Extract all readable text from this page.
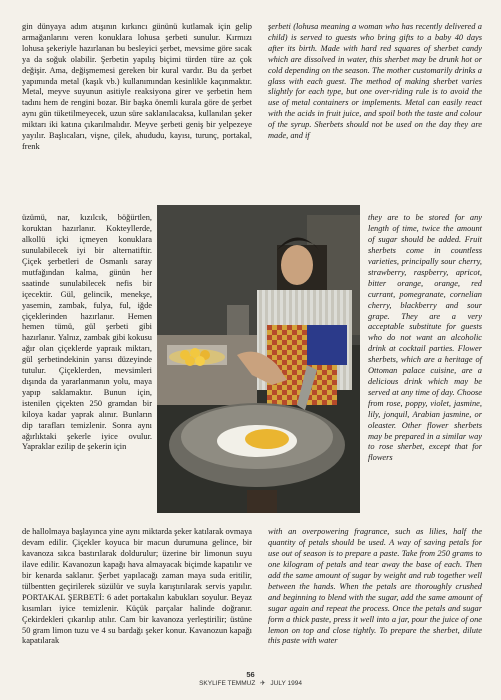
gin dünyaya adım atışının kırkıncı gününü kutlamak için gelip armağanlarını veren konuklara lohusa şerbeti sunulur. Kırmızı lohusa şekeriyle hazırlanan bu besleyici şerbet, mevsime göre sıcak ya da soğuk olabilir. Şerbetin yapılış biçimi türden türe az çok değişir. Ama, değişmemesi gereken bir kural vardır. Bu da şerbet yapımında metal (kaşık vb.) kullanımından kesinlikle kaçınmaktır. Metal, meyve suyunun asitiyle reaksiyona girer ve şerbetin hem tadını hem de rengini bozar. Bir başka önemli kurala göre de şerbet aynı gün tüketilmeyecek, uzun süre saklanılacaksa, kullanılan şeker miktarı iki katına çıkarılmalıdır. Meyve şerbeti geniş bir yelpezeye yayılır. Başlıcaları, vişne, çilek, ahududu, kayısı, turunç, portakal, frenk

şerbeti (lohusa meaning a woman who has recently delivered a child) is served to guests who bring gifts to a baby 40 days after its birth. Made with hard red squares of sherbet candy which are dissolved in water, this sherbet may be drunk hot or cold depending on the season. The mother customarily drinks a glass with each guest. The method of making sherbet varies slightly for each type, but one over-riding rule is to avoid the use of metal containers or implements. Metal can easily react with the acids in fruit juice, and spoil both the taste and colour of the syrup. Sherbets should not be used on the day they are made, and if

üzümü, nar, kızılcık, böğürtlen, koruktan hazırlanır. Kokteyllerde, alkollü içki içmeyen konuklara sunulabilecek iyi bir alternatiftir. Çiçek şerbetleri de Osmanlı saray mutfağından kalma, günün her saatinde sunulabilecek nefis bir içecektir. Gül, gelincik, menekşe, yasemin, zambak, fulya, ful, iğde çiçeklerinden hazırlanır. Hemen hemen tümü, gül şerbeti gibi hazırlanır. Yalnız, zambak gibi kokusu ağır olan çiçeklerde yapraık miktarı, gül şerbetindekinin yarısı düzeyinde tutulur. Çiçeklerden, mevsimleri dışında da yararlanmanın yolu, maya yapıp saklamaktır. Bunun için, istenilen çiçekten 250 gramdan bir kiloya kadar yaprak alınır. Bunların dip tarafları temizlenir. Sonra aynı ağırlıktaki şekerle iyice ovulur. Yapraklar ezilip de şekerin için

they are to be stored for any length of time, twice the amount of sugar should be added. Fruit sherbets come in countless varieties, principally sour cherry, strawberry, raspberry, apricot, bitter orange, orange, red currant, pomegranate, cornelian cherry, blackberry and sour grape. They are a very acceptable substitute for guests who do not want an alcoholic drink at cocktail parties. Flower sherbets, which are a heritage of Ottoman palace cuisine, are a delicious drink which may be served at any time of day. Choose from rose, poppy, violet, jasmine, lily, jonquil, Arabian jasmine, or oleaster. Other flower sherbets may be prepared in a similar way to rose sherbet, except that for flowers

de hallolmaya başlayınca yine aynı miktarda şeker katılarak ovmaya devam edilir. Çiçekler koyuca bir macun durumuna gelince, bir kavanoza sıkca bastırılarak doldurulur; üzerine bir limonun suyu ilave edilir. Kavanozun kapağı hava almayacak biçimde kapatılır ve bir kenarda saklanır. Şerbet yapılacağı zaman maya suda eritilir, tülbentten geçirilerek süzülür ve suyla karıştırılarak servis yapılır. PORTAKAL ŞERBETİ: 6 adet portakalın kabukları soyulur. Beyaz kısımları iyice temizlenir. Küçük parçalar halinde doğranır. Çekirdekleri çıkarılıp atılır. Cam bir kavanoza yerleştirilir; üstüne 50 gram limon tuzu ve 4 su bardağı şeker konur. Kavanozun kapağı kapatılarak

with an overpowering fragrance, such as lilies, half the quantity of petals should be used. A way of saving petals for use out of season is to prepare a paste. Take from 250 grams to one kilogram of petals and tear away the base of each. Then add the same amount of sugar by weight and rub together well between the hands. When the petals are thoroughly crushed and beginning to blend with the sugar, add the same amount of sugar again and repeat the process. Once the petals and sugar form a thick paste, press it well into a jar, pour the juice of one lemon on top and close tightly. To prepare the sherbet, dilute this paste with water

56
SKYLIFE TEMMUZ ✈ JULY 1994
